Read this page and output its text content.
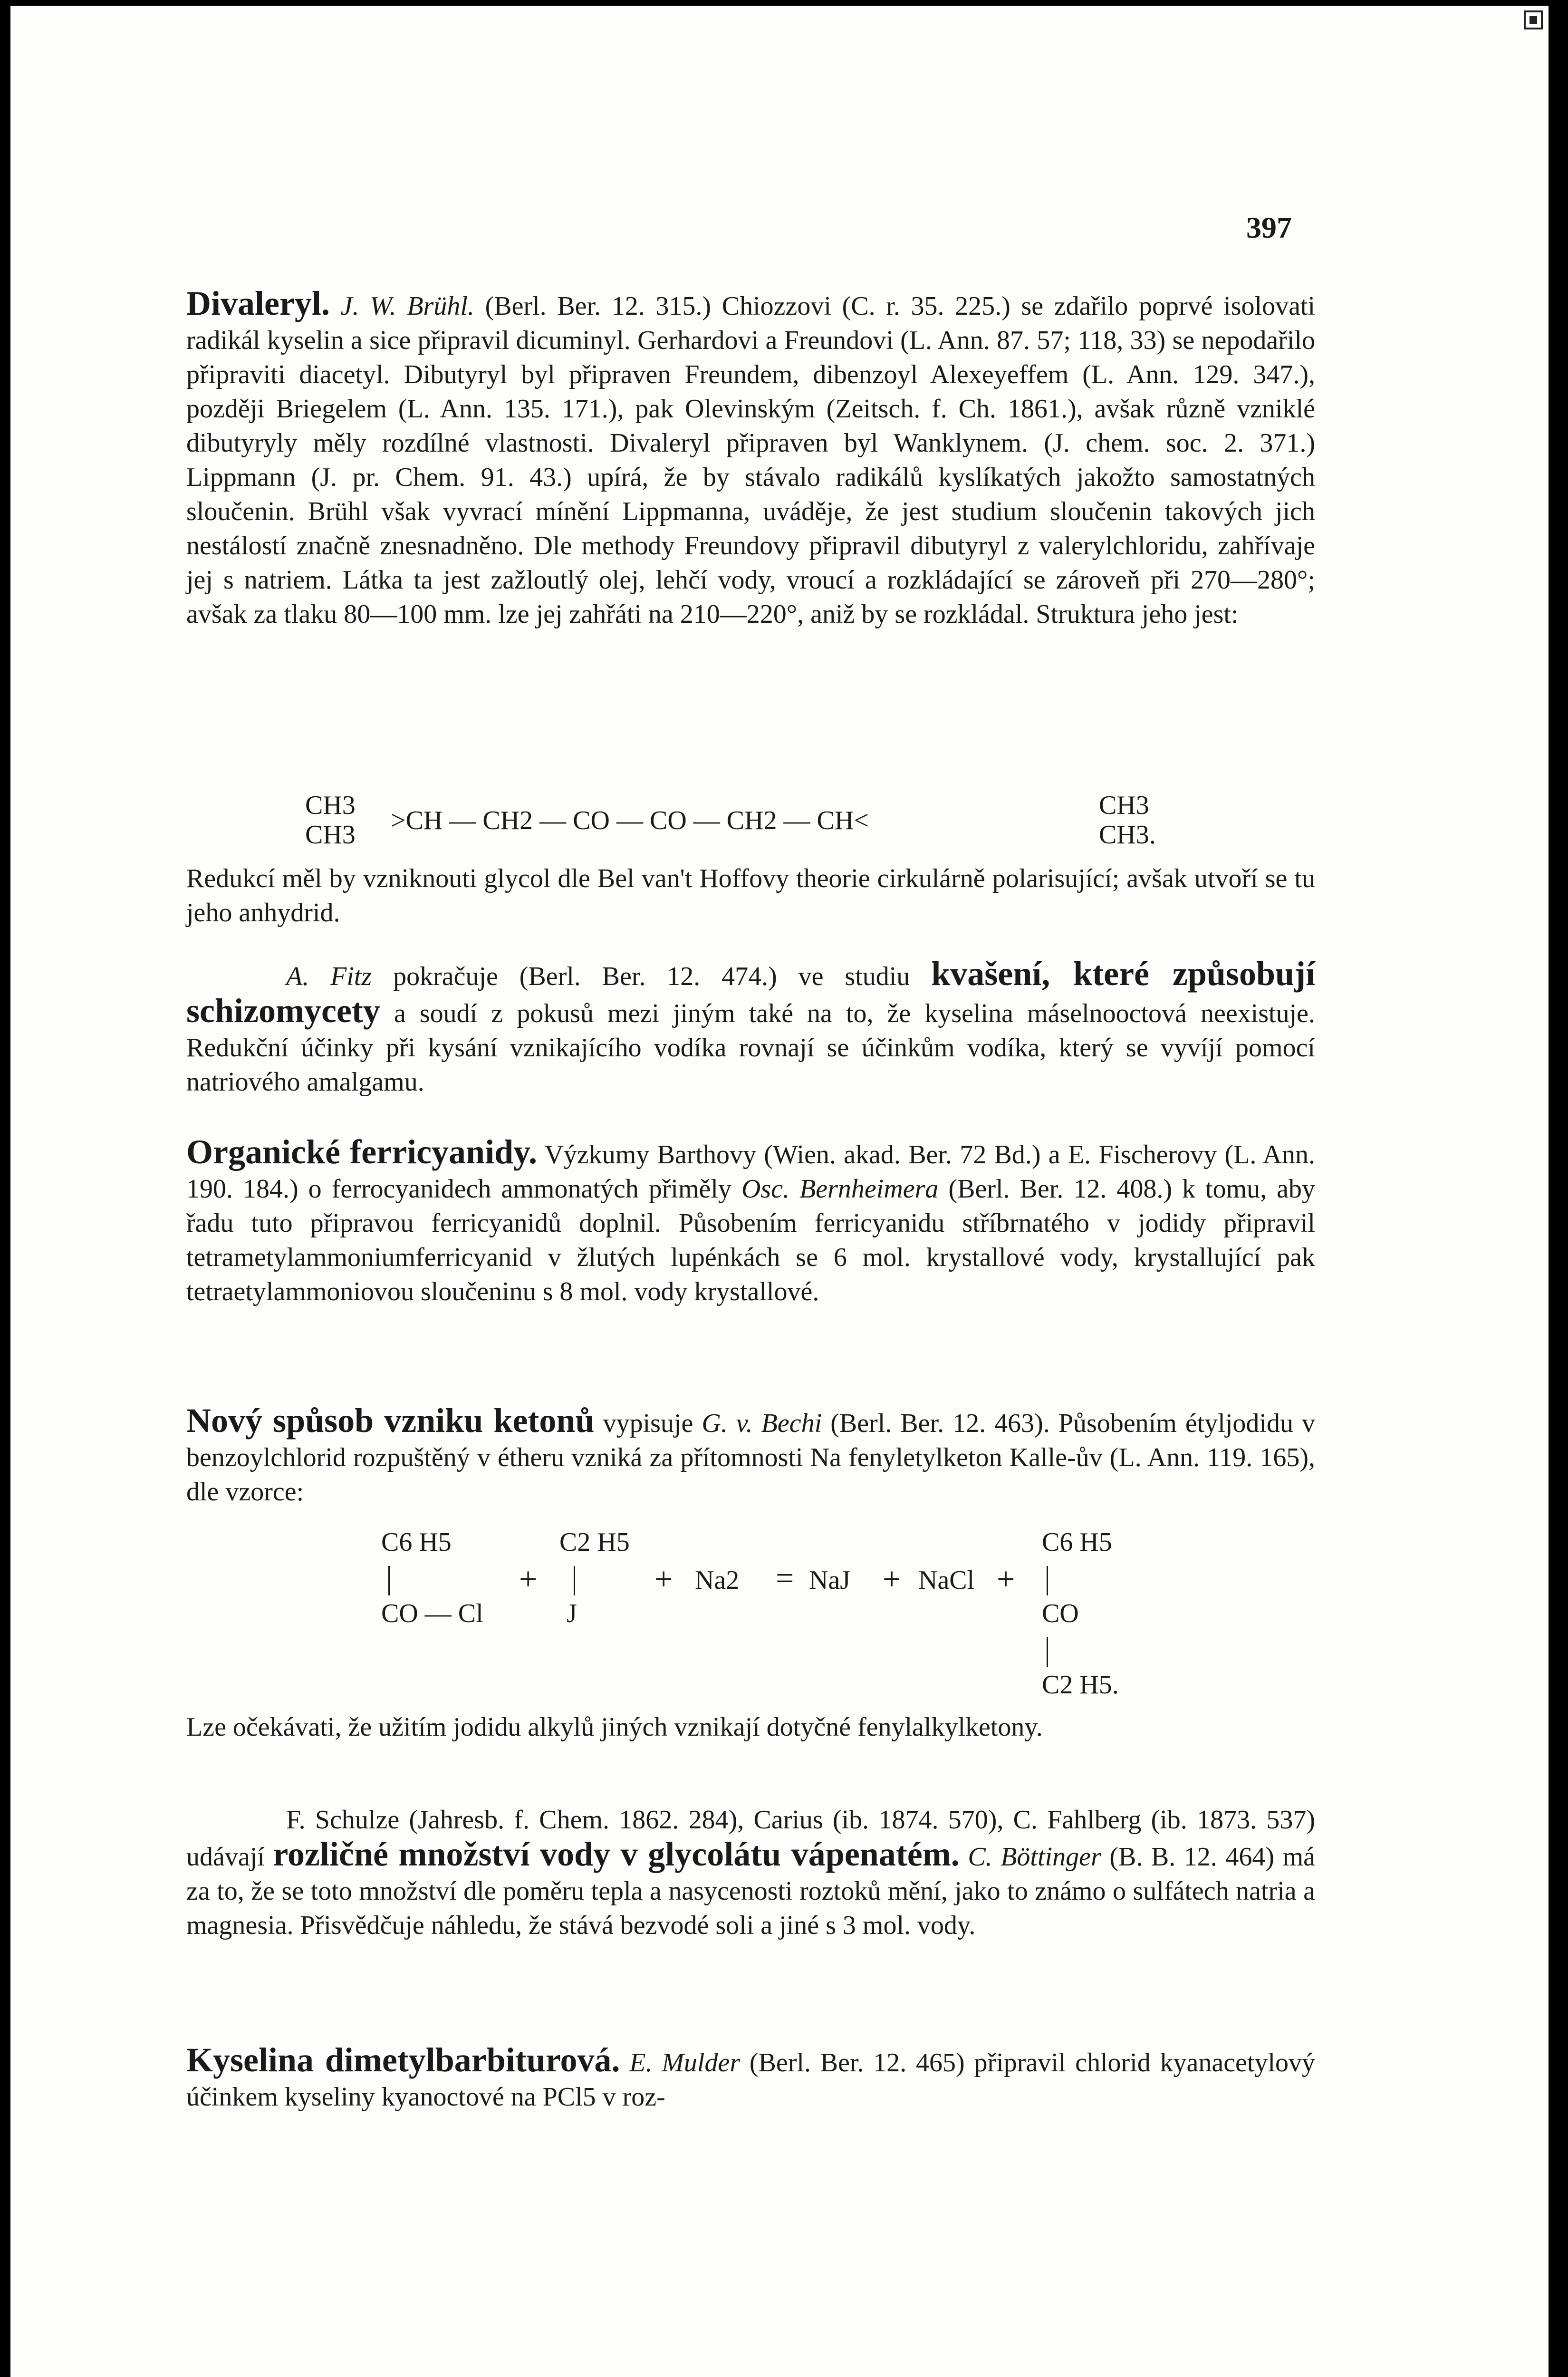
397

Divaleryl. J. W. Brühl. (Berl. Ber. 12. 315.) Chiozzovi (C. r. 35. 225.) se zdařilo poprvé isolovati radikál kyselin a sice připravil dicuminyl. Gerhardovi a Freundovi (L. Ann. 87. 57; 118, 33) se nepodařilo připraviti diacetyl. Dibutyryl byl připraven Freundem, dibenzoyl Alexeyeffem (L. Ann. 129. 347.), později Briegelem (L. Ann. 135. 171.), pak Olevinským (Zeitsch. f. Ch. 1861.), avšak různě vzniklé dibutyryly měly rozdílné vlastnosti. Divaleryl připraven byl Wanklynem. (J. chem. soc. 2. 371.) Lippmann (J. pr. Chem. 91. 43.) upírá, že by stávalo radikálů kyslíkatých jakožto samostatných sloučenin. Brühl však vyvrací mínění Lippmanna, uváděje, že jest studium sloučenin takových jich nestálostí značně znesnadněno. Dle methody Freundovy připravil dibutyryl z valerylchloridu, zahřívaje jej s natriem. Látka ta jest zažloutlý olej, lehčí vody, vroucí a rozkládající se zároveň při 270—280°; avšak za tlaku 80—100 mm. lze jej zahřáti na 210—220°, aniž by se rozkládal. Struktura jeho jest:

CH3
CH3 >CH — CH2 — CO — CO — CH2 — CH<
CH3
CH3.

Redukcí měl by vzniknouti glycol dle Bel van't Hoffovy theorie cirkulárně polarisující; avšak utvoří se tu jeho anhydrid.

A. Fitz pokračuje (Berl. Ber. 12. 474.) ve studiu kvašení, které způsobují schizomycety a soudí z pokusů mezi jiným také na to, že kyselina máselnooctová neexistuje. Redukční účinky při kysání vznikajícího vodíka rovnají se účinkům vodíka, který se vyvíjí pomocí natriového amalgamu.

Organické ferricyanidy. Výzkumy Barthovy (Wien. akad. Ber. 72 Bd.) a E. Fischerovy (L. Ann. 190. 184.) o ferrocyanidech ammonatých přiměly Osc. Bernheimera (Berl. Ber. 12. 408.) k tomu, aby řadu tuto připravou ferricyanidů doplnil. Působením ferricyanidu stříbrnatého v jodidy připravil tetrametylammoniumferricyanid v žlutých lupénkách se 6 mol. krystallové vody, krystallující pak tetraetylammoniovou sloučeninu s 8 mol. vody krystallové.

Nový spůsob vzniku ketonů vypisuje G. v. Bechi (Berl. Ber. 12. 463). Působením étyljodidu v benzoylchlorid rozpuštěný v étheru vzniká za přítomnosti Na fenyletylketon Kalle-ův (L. Ann. 119. 165), dle vzorce:

C6 H5
CO — Cl
+
C2 H5
J
+ Na2 = NaJ + NaCl +
C6 H5
CO
C2 H5.

Lze očekávati, že užitím jodidu alkylů jiných vznikají dotyčné fenylalkylketony.

F. Schulze (Jahresb. f. Chem. 1862. 284), Carius (ib. 1874. 570), C. Fahlberg (ib. 1873. 537) udávají rozličné množství vody v glycolátu vápenatém. C. Böttinger (B. B. 12. 464) má za to, že se toto množství dle poměru tepla a nasycenosti roztoků mění, jako to známo o sulfátech natria a magnesia. Přisvědčuje náhledu, že stává bezvodé soli a jiné s 3 mol. vody.

Kyselina dimetylbarbiturová. E. Mulder (Berl. Ber. 12. 465) připravil chlorid kyanacetylový účinkem kyseliny kyanoctové na PCl5 v roz-
